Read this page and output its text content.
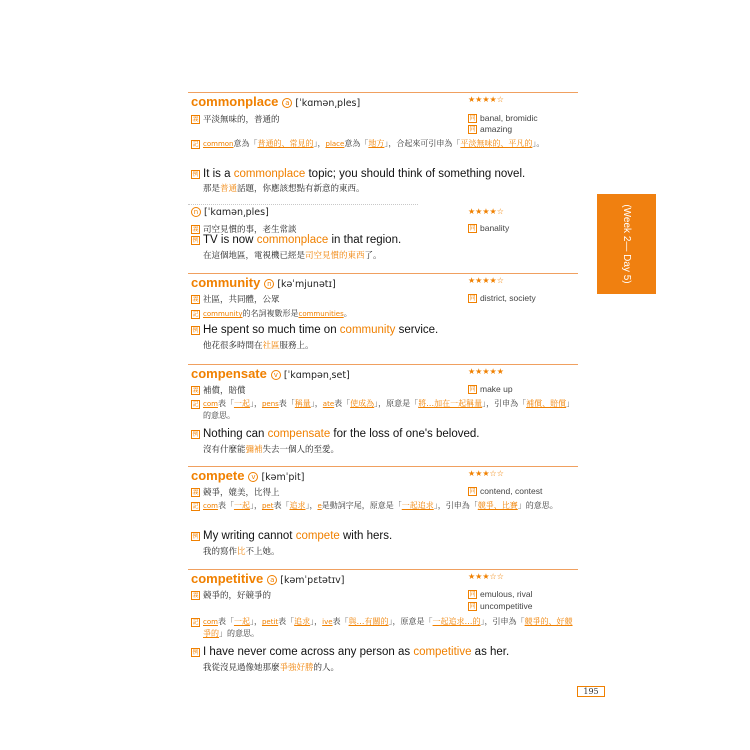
commonplace a [ˈkɑmən͵ples]	★★★★☆
義 平淡無味的，普通的	同 banal, bromidic
同 amazing
記 common意為「普通的、常見的」，place意為「地方」，合起來可引申為「平淡無味的、平凡的」。
例 It is a commonplace topic; you should think of something novel.
那是普通話題，你應該想點有新意的東西。
n [ˈkɑmən͵ples]	★★★★☆
義 司空見慣的事，老生常談	同 banality
例 TV is now commonplace in that region.
在這個地區，電視機已經是司空見慣的東西了。
community n [kəˈmjunətɪ]	★★★★☆
義 社區，共同體，公眾	同 district, society
記 community的名詞複數形是communities。
例 He spent so much time on community service.
他花很多時間在社區服務上。
compensate v [ˈkɑmpən͵set]	★★★★★
義 補償，賠償	同 make up
記 com表「一起」，pens表「稱量」，ate表「使成為」，原意是「將…加在一起稱量」，引申為「補償、賠償」的意思。
例 Nothing can compensate for the loss of one's beloved.
沒有什麼能彌補失去一個人的至愛。
compete v [kəmˈpit]	★★★☆☆
義 競爭，媲美，比得上	同 contend, contest
記 com表「一起」，pet表「追求」，e是動詞字尾，原意是「一起追求」，引申為「競爭、比賽」的意思。
例 My writing cannot compete with hers.
我的寫作比不上她。
competitive a [kəmˈpɛtətɪv]	★★★☆☆
義 競爭的，好競爭的	同 emulous, rival
同 uncompetitive
記 com表「一起」，petit表「追求」，ive表「與…有關的」，原意是「一起追求…的」，引申為「競爭的、好競爭的」的意思。
例 I have never come across any person as competitive as her.
我從沒見過像她那麼爭強好勝的人。
(Week 2— Day 5)
195
